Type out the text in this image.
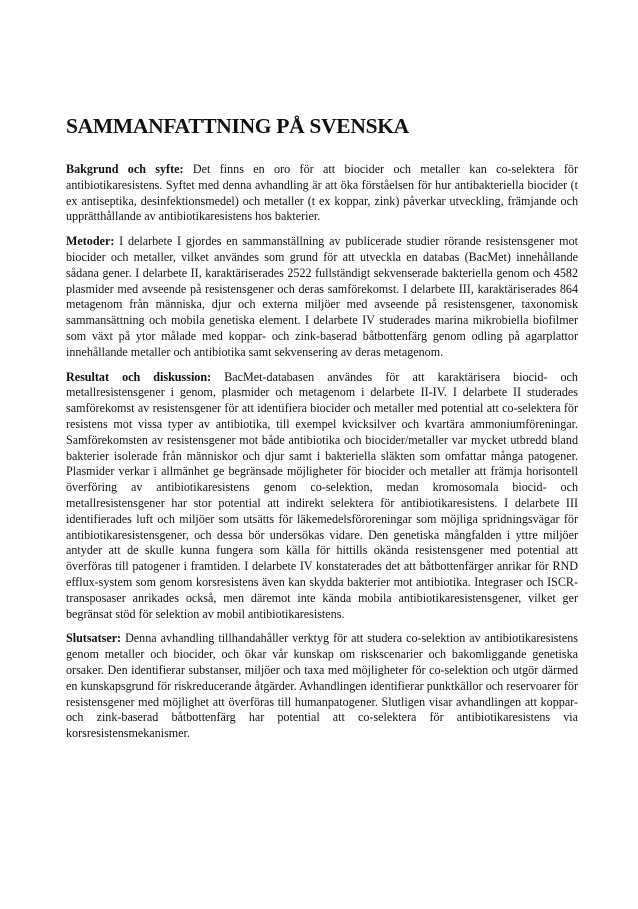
SAMMANFATTNING PÅ SVENSKA

Bakgrund och syfte: Det finns en oro för att biocider och metaller kan co-selektera för antibiotikaresistens. Syftet med denna avhandling är att öka förståelsen för hur antibakteriella biocider (t ex antiseptika, desinfektionsmedel) och metaller (t ex koppar, zink) påverkar utveckling, främjande och upprätthållande av antibiotikaresistens hos bakterier.

Metoder: I delarbete I gjordes en sammanställning av publicerade studier rörande resistensgener mot biocider och metaller, vilket användes som grund för att utveckla en databas (BacMet) innehållande sådana gener. I delarbete II, karaktäriserades 2522 fullständigt sekvenserade bakteriella genom och 4582 plasmider med avseende på resistensgener och deras samförekomst. I delarbete III, karaktäriserades 864 metagenom från människa, djur och externa miljöer med avseende på resistensgener, taxonomisk sammansättning och mobila genetiska element. I delarbete IV studerades marina mikrobiella biofilmer som växt på ytor målade med koppar- och zink-baserad båtbottenfärg genom odling på agarplattor innehållande metaller och antibiotika samt sekvensering av deras metagenom.

Resultat och diskussion: BacMet-databasen användes för att karaktärisera biocid- och metallresistensgener i genom, plasmider och metagenom i delarbete II-IV. I delarbete II studerades samförekomst av resistensgener för att identifiera biocider och metaller med potential att co-selektera för resistens mot vissa typer av antibiotika, till exempel kvicksilver och kvartära ammoniumföreningar. Samförekomsten av resistensgener mot både antibiotika och biocider/metaller var mycket utbredd bland bakterier isolerade från människor och djur samt i bakteriella släkten som omfattar många patogener. Plasmider verkar i allmänhet ge begränsade möjligheter för biocider och metaller att främja horisontell överföring av antibiotikaresistens genom co-selektion, medan kromosomala biocid- och metallresistensgener har stor potential att indirekt selektera för antibiotikaresistens. I delarbete III identifierades luft och miljöer som utsätts för läkemedelsföroreningar som möjliga spridningsvägar för antibiotikaresistensgener, och dessa bör undersökas vidare. Den genetiska mångfalden i yttre miljöer antyder att de skulle kunna fungera som källa för hittills okända resistensgener med potential att överföras till patogener i framtiden. I delarbete IV konstaterades det att båtbottenfärger anrikar för RND efflux-system som genom korsresistens även kan skydda bakterier mot antibiotika. Integraser och ISCR-transposaser anrikades också, men däremot inte kända mobila antibiotikaresistensgener, vilket ger begränsat stöd för selektion av mobil antibiotikaresistens.

Slutsatser: Denna avhandling tillhandahåller verktyg för att studera co-selektion av antibiotikaresistens genom metaller och biocider, och ökar vår kunskap om riskscenarier och bakomliggande genetiska orsaker. Den identifierar substanser, miljöer och taxa med möjligheter för co-selektion och utgör därmed en kunskapsgrund för riskreducerande åtgärder. Avhandlingen identifierar punktkällor och reservoarer för resistensgener med möjlighet att överföras till humanpatogener. Slutligen visar avhandlingen att koppar- och zink-baserad båtbottenfärg har potential att co-selektera för antibiotikaresistens via korsresistensmekanismer.
